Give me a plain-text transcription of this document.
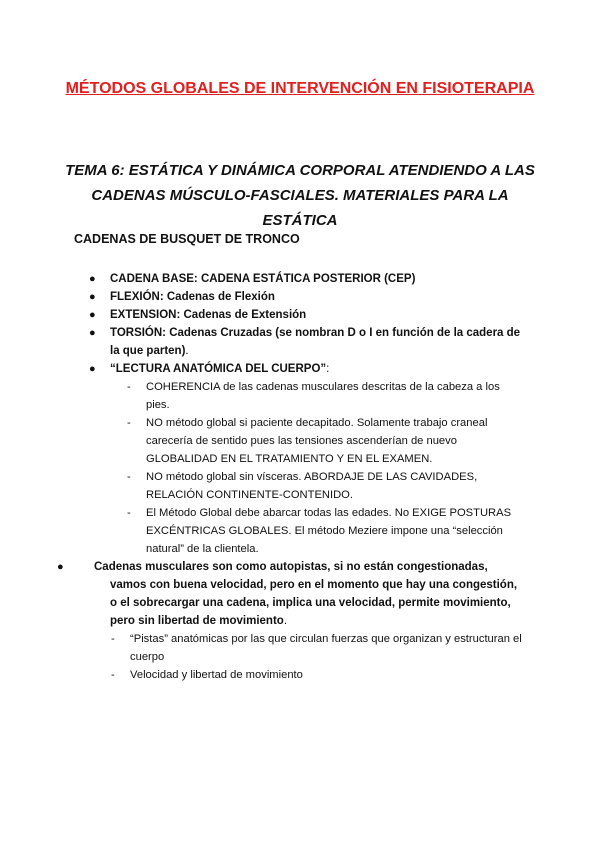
MÉTODOS GLOBALES DE INTERVENCIÓN EN FISIOTERAPIA
TEMA 6: ESTÁTICA Y DINÁMICA CORPORAL ATENDIENDO A LAS CADENAS MÚSCULO-FASCIALES. MATERIALES PARA LA ESTÁTICA
CADENAS DE BUSQUET DE TRONCO
● CADENA BASE: CADENA ESTÁTICA POSTERIOR (CEP)
● FLEXIÓN: Cadenas de Flexión
● EXTENSION: Cadenas de Extensión
● TORSIÓN: Cadenas Cruzadas (se nombran D o I en función de la cadera de la que parten).
● “LECTURA ANATÓMICA DEL CUERPO”:
- COHERENCIA de las cadenas musculares descritas de la cabeza a los pies.
- NO método global si paciente decapitado. Solamente trabajo craneal carecería de sentido pues las tensiones ascenderían de nuevo GLOBALIDAD EN EL TRATAMIENTO Y EN EL EXAMEN.
- NO método global sin vísceras. ABORDAJE DE LAS CAVIDADES, RELACIÓN CONTINENTE-CONTENIDO.
- El Método Global debe abarcar todas las edades. No EXIGE POSTURAS EXCÉNTRICAS GLOBALES. El método Meziere impone una “selección natural” de la clientela.
●	Cadenas musculares son como autopistas, si no están congestionadas, vamos con buena velocidad, pero en el momento que hay una congestión, o el sobrecargar una cadena, implica una velocidad, permite movimiento, pero sin libertad de movimiento.
- “Pistas” anatómicas por las que circulan fuerzas que organizan y estructuran el cuerpo
- Velocidad y libertad de movimiento
